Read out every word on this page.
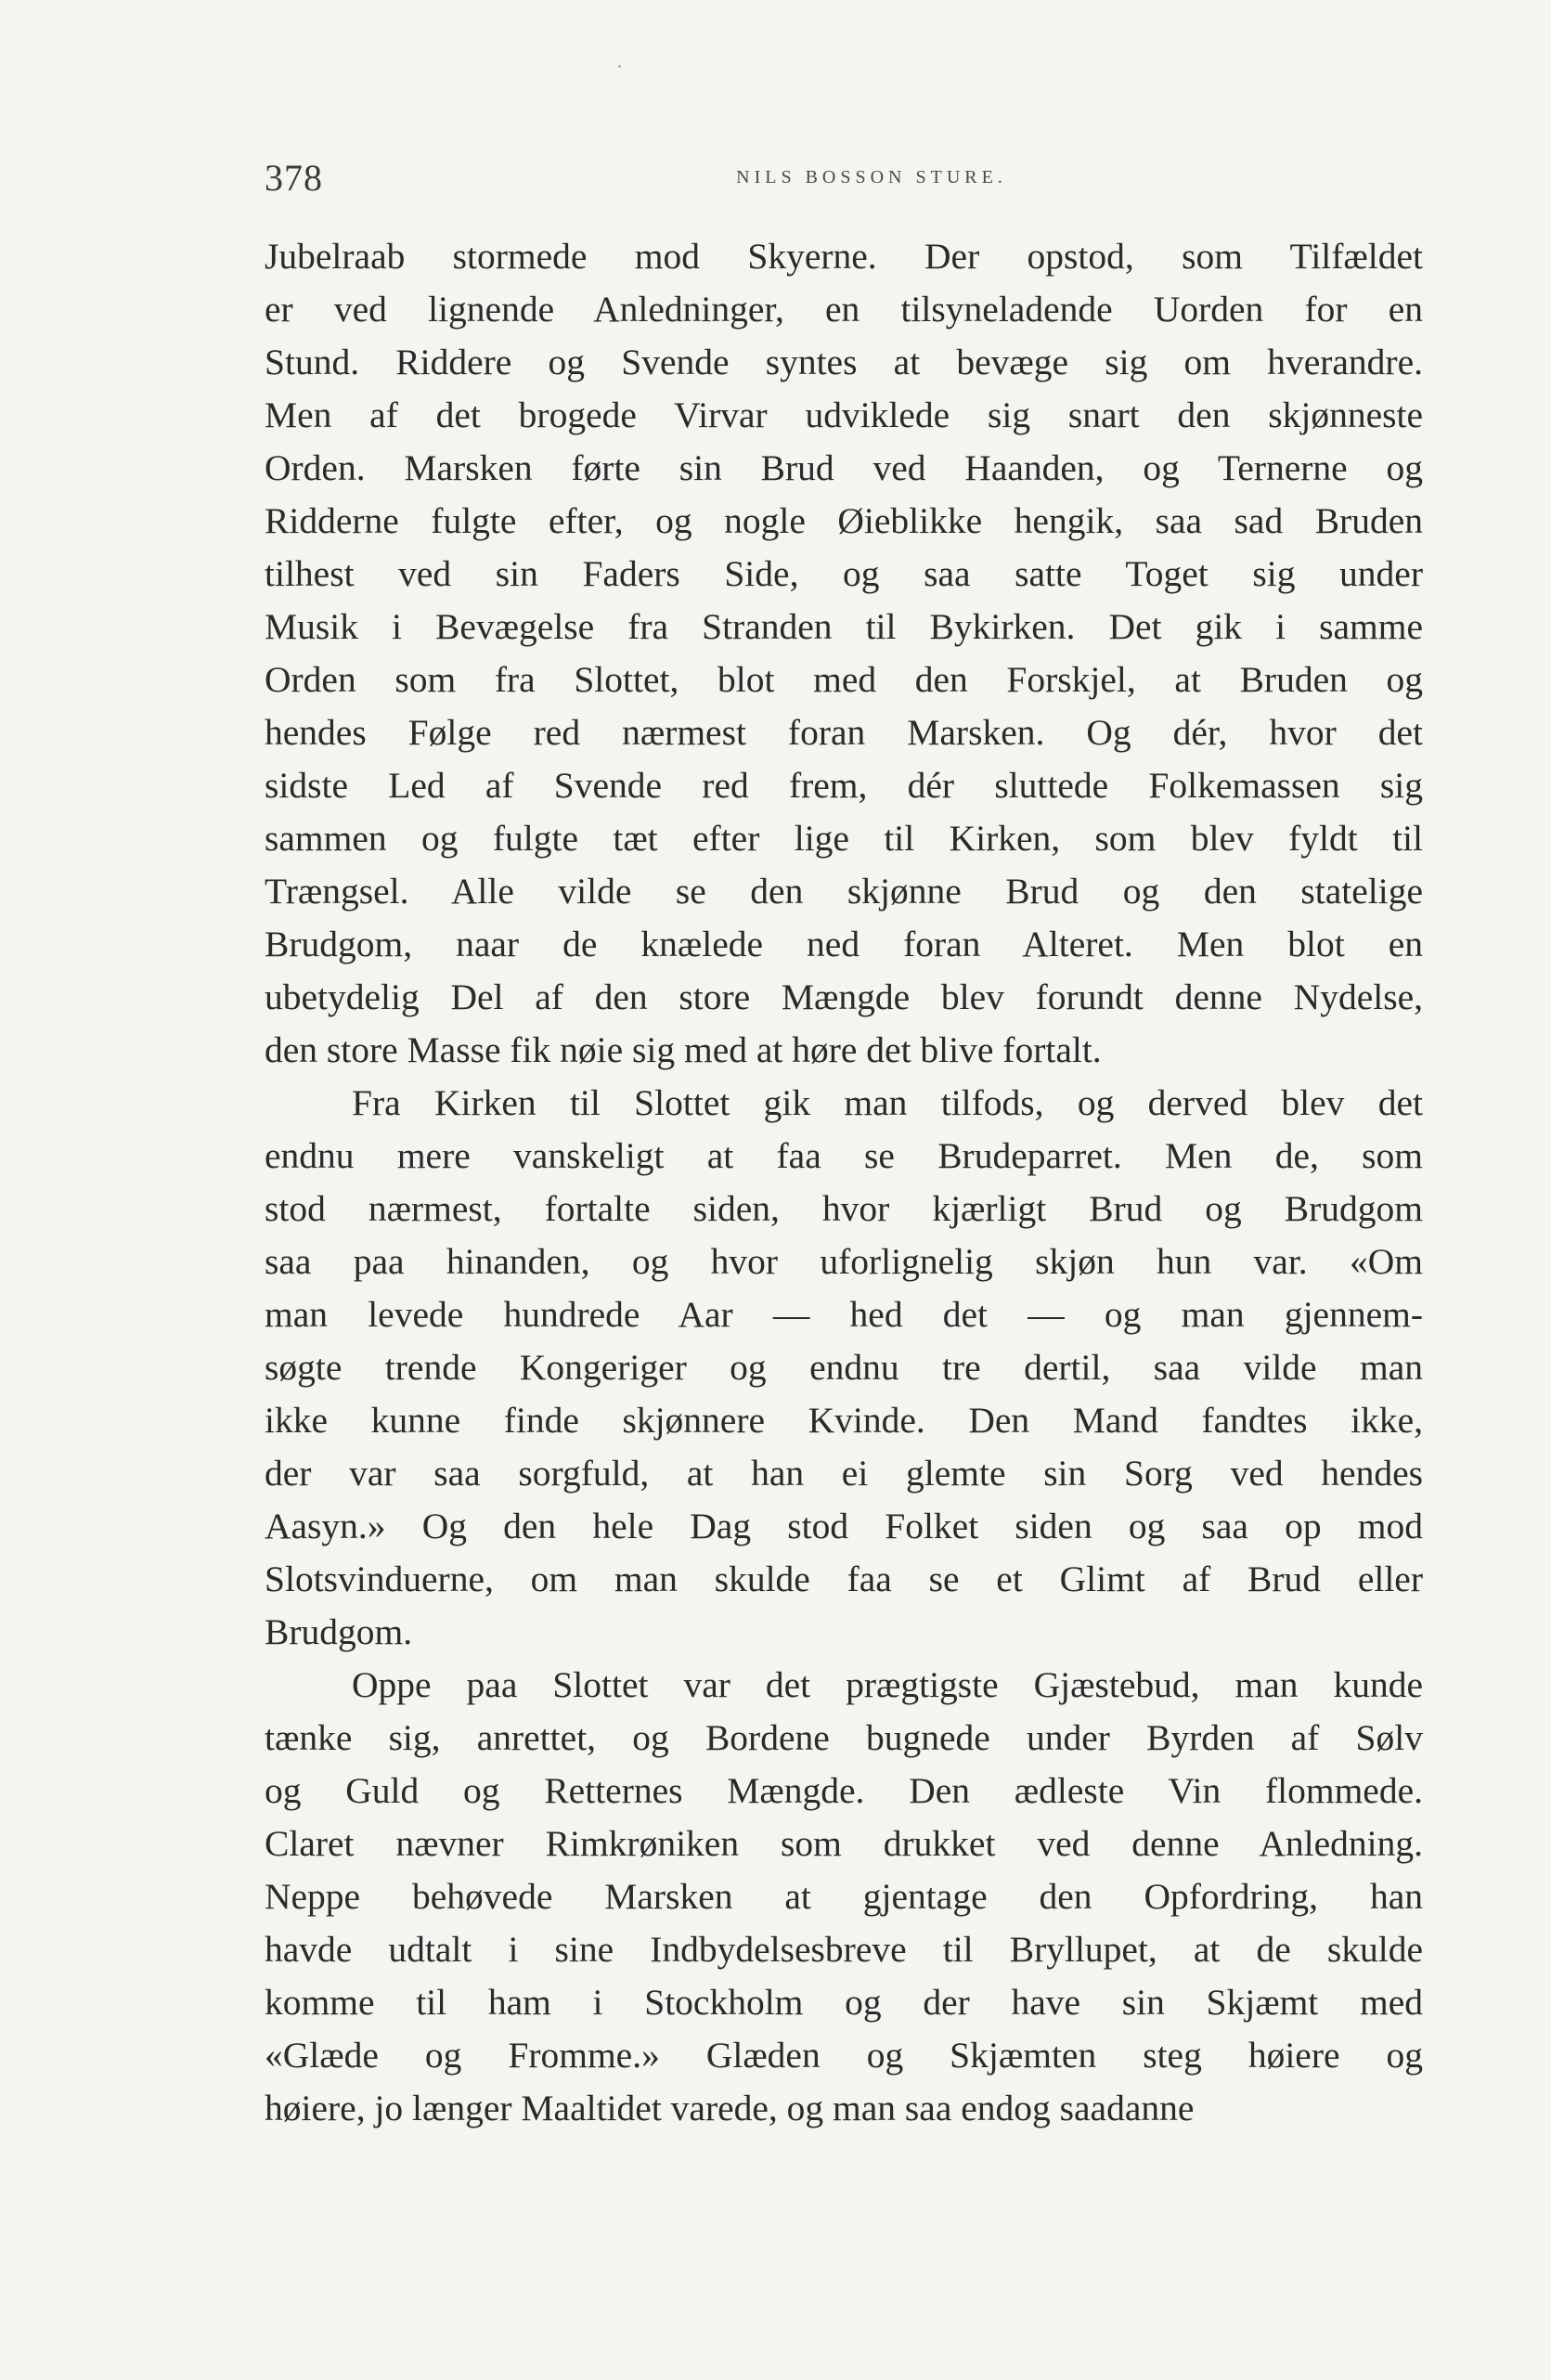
378	NILS BOSSON STURE.
Jubelraab stormede mod Skyerne. Der opstod, som Tilfældet
er ved lignende Anledninger, en tilsyneladende Uorden for en
Stund. Riddere og Svende syntes at bevæge sig om hverandre.
Men af det brogede Virvar udviklede sig snart den skjønneste
Orden. Marsken førte sin Brud ved Haanden, og Ternerne og
Ridderne fulgte efter, og nogle Øieblikke hengik, saa sad Bruden
tilhest ved sin Faders Side, og saa satte Toget sig under
Musik i Bevægelse fra Stranden til Bykirken. Det gik i samme
Orden som fra Slottet, blot med den Forskjel, at Bruden og
hendes Følge red nærmest foran Marsken. Og dér, hvor det
sidste Led af Svende red frem, dér sluttede Folkemassen sig
sammen og fulgte tæt efter lige til Kirken, som blev fyldt til
Trængsel. Alle vilde se den skjønne Brud og den statelige
Brudgom, naar de knælede ned foran Alteret. Men blot en
ubetydelig Del af den store Mængde blev forundt denne Nydelse,
den store Masse fik nøie sig med at høre det blive fortalt.
Fra Kirken til Slottet gik man tilfods, og derved blev det
endnu mere vanskeligt at faa se Brudeparret. Men de, som
stod nærmest, fortalte siden, hvor kjærligt Brud og Brudgom
saa paa hinanden, og hvor uforlignelig skjøn hun var. «Om
man levede hundrede Aar — hed det — og man gjennem-
søgte trende Kongeriger og endnu tre dertil, saa vilde man
ikke kunne finde skjønnere Kvinde. Den Mand fandtes ikke,
der var saa sorgfuld, at han ei glemte sin Sorg ved hendes
Aasyn.» Og den hele Dag stod Folket siden og saa op mod
Slotsvinduerne, om man skulde faa se et Glimt af Brud eller
Brudgom.
Oppe paa Slottet var det prægtigste Gjæstebud, man kunde
tænke sig, anrettet, og Bordene bugnede under Byrden af Sølv
og Guld og Retternes Mængde. Den ædleste Vin flommede.
Claret nævner Rimkrøniken som drukket ved denne Anledning.
Neppe behøvede Marsken at gjentage den Opfordring, han
havde udtalt i sine Indbydelsesbreve til Bryllupet, at de skulde
komme til ham i Stockholm og der have sin Skjæmt med
«Glæde og Fromme.» Glæden og Skjæmten steg høiere og
høiere, jo længer Maaltidet varede, og man saa endog saadanne
